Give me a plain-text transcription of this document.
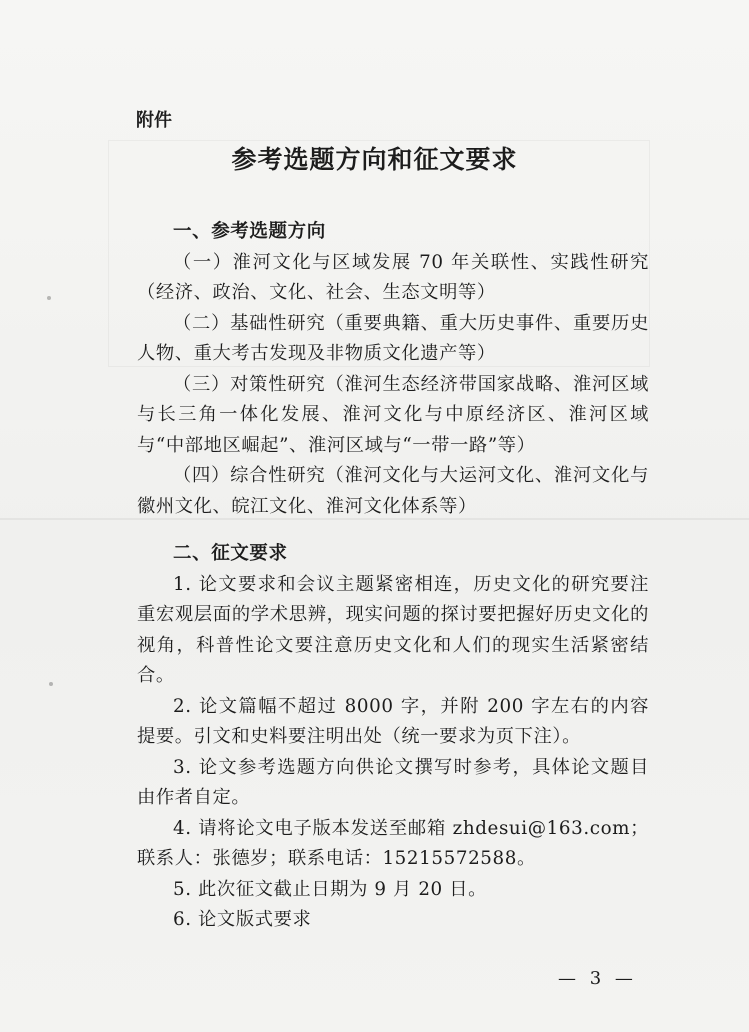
附件
参考选题方向和征文要求
一、参考选题方向

（一）淮河文化与区域发展 70 年关联性、实践性研究（经济、政治、文化、社会、生态文明等）

（二）基础性研究（重要典籍、重大历史事件、重要历史人物、重大考古发现及非物质文化遗产等）

（三）对策性研究（淮河生态经济带国家战略、淮河区域与长三角一体化发展、淮河文化与中原经济区、淮河区域与“中部地区崛起”、淮河区域与“一带一路”等）

（四）综合性研究（淮河文化与大运河文化、淮河文化与徽州文化、皖江文化、淮河文化体系等）

二、征文要求

1. 论文要求和会议主题紧密相连，历史文化的研究要注重宏观层面的学术思辨，现实问题的探讨要把握好历史文化的视角，科普性论文要注意历史文化和人们的现实生活紧密结合。

2. 论文篇幅不超过 8000 字，并附 200 字左右的内容提要。引文和史料要注明出处（统一要求为页下注）。

3. 论文参考选题方向供论文撰写时参考，具体论文题目由作者自定。

4. 请将论文电子版本发送至邮箱 zhdesui@163.com；联系人：张德岁；联系电话：15215572588。

5. 此次征文截止日期为 9 月 20 日。

6. 论文版式要求

— 3 —
